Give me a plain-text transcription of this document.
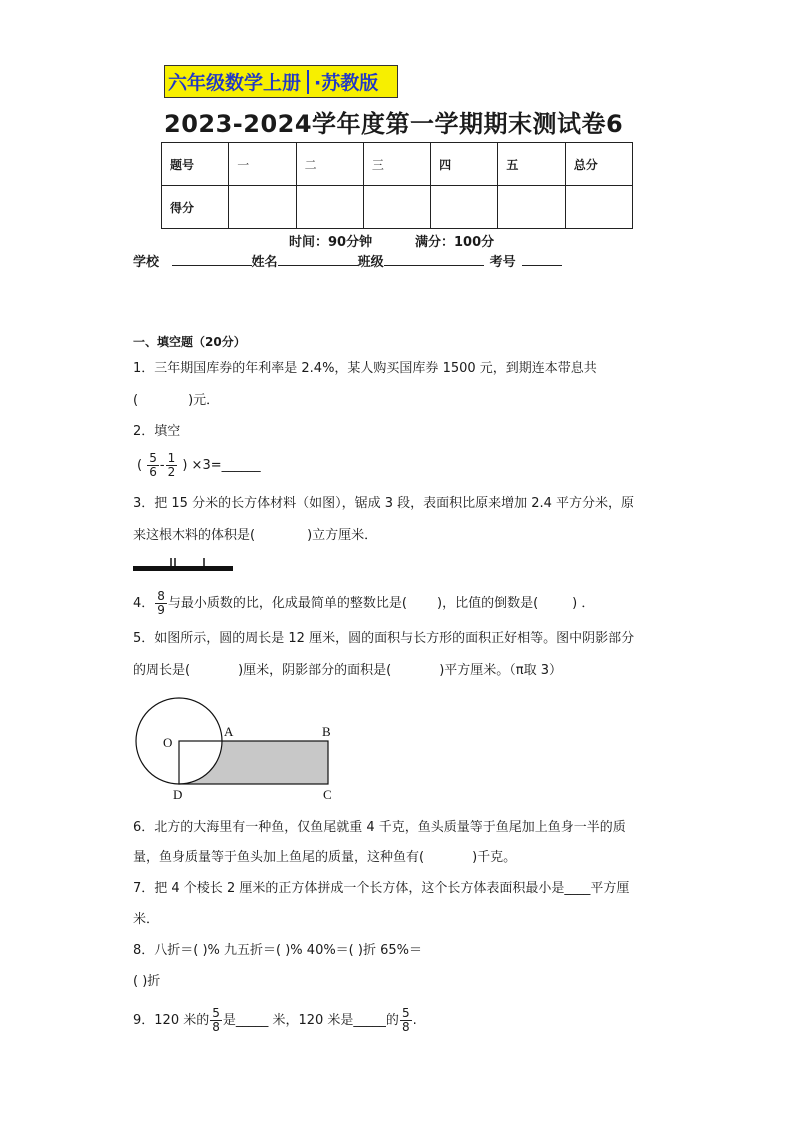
六年级数学上册 ·苏教版
2023-2024学年度第一学期期末测试卷6
题号	一	二	三	四	五	总分
得分						
时间：90分钟	满分：100分
学校	姓名	班级	考号
一、填空题（20分）
1．三年期国库券的年利率是 2.4%，某人购买国库券 1500 元，到期连本带息共
(	)元．
2．填空
( $\frac{5}{6} - \frac{1}{2}$ ) ×3=______
3．把 15 分米的长方体材料（如图），锯成 3 段，表面积比原来增加 2.4 平方分米，原
来这根木料的体积是(	)立方厘米．
4． $\frac{8}{9}$ 与最小质数的比，化成最简单的整数比是( )，比值的倒数是(	) ．
5．如图所示，圆的周长是 12 厘米，圆的面积与长方形的面积正好相等。图中阴影部分
的周长是(	)厘米，阴影部分的面积是(	)平方厘米。（π取 3）
O
A	B
C
D
6．北方的大海里有一种鱼，仅鱼尾就重 4 千克，鱼头质量等于鱼尾加上鱼身一半的质
量，鱼身质量等于鱼头加上鱼尾的质量，这种鱼有(	)千克。
7．把 4 个棱长 2 厘米的正方体拼成一个长方体，这个长方体表面积最小是____平方厘
米．
8．八折＝( )% 九五折＝( )% 40%＝( )折 65%＝
( )折
9．120 米的 $\frac{5}{8}$ 是_____ 米，120 米是_____的 $\frac{5}{8}$ .
